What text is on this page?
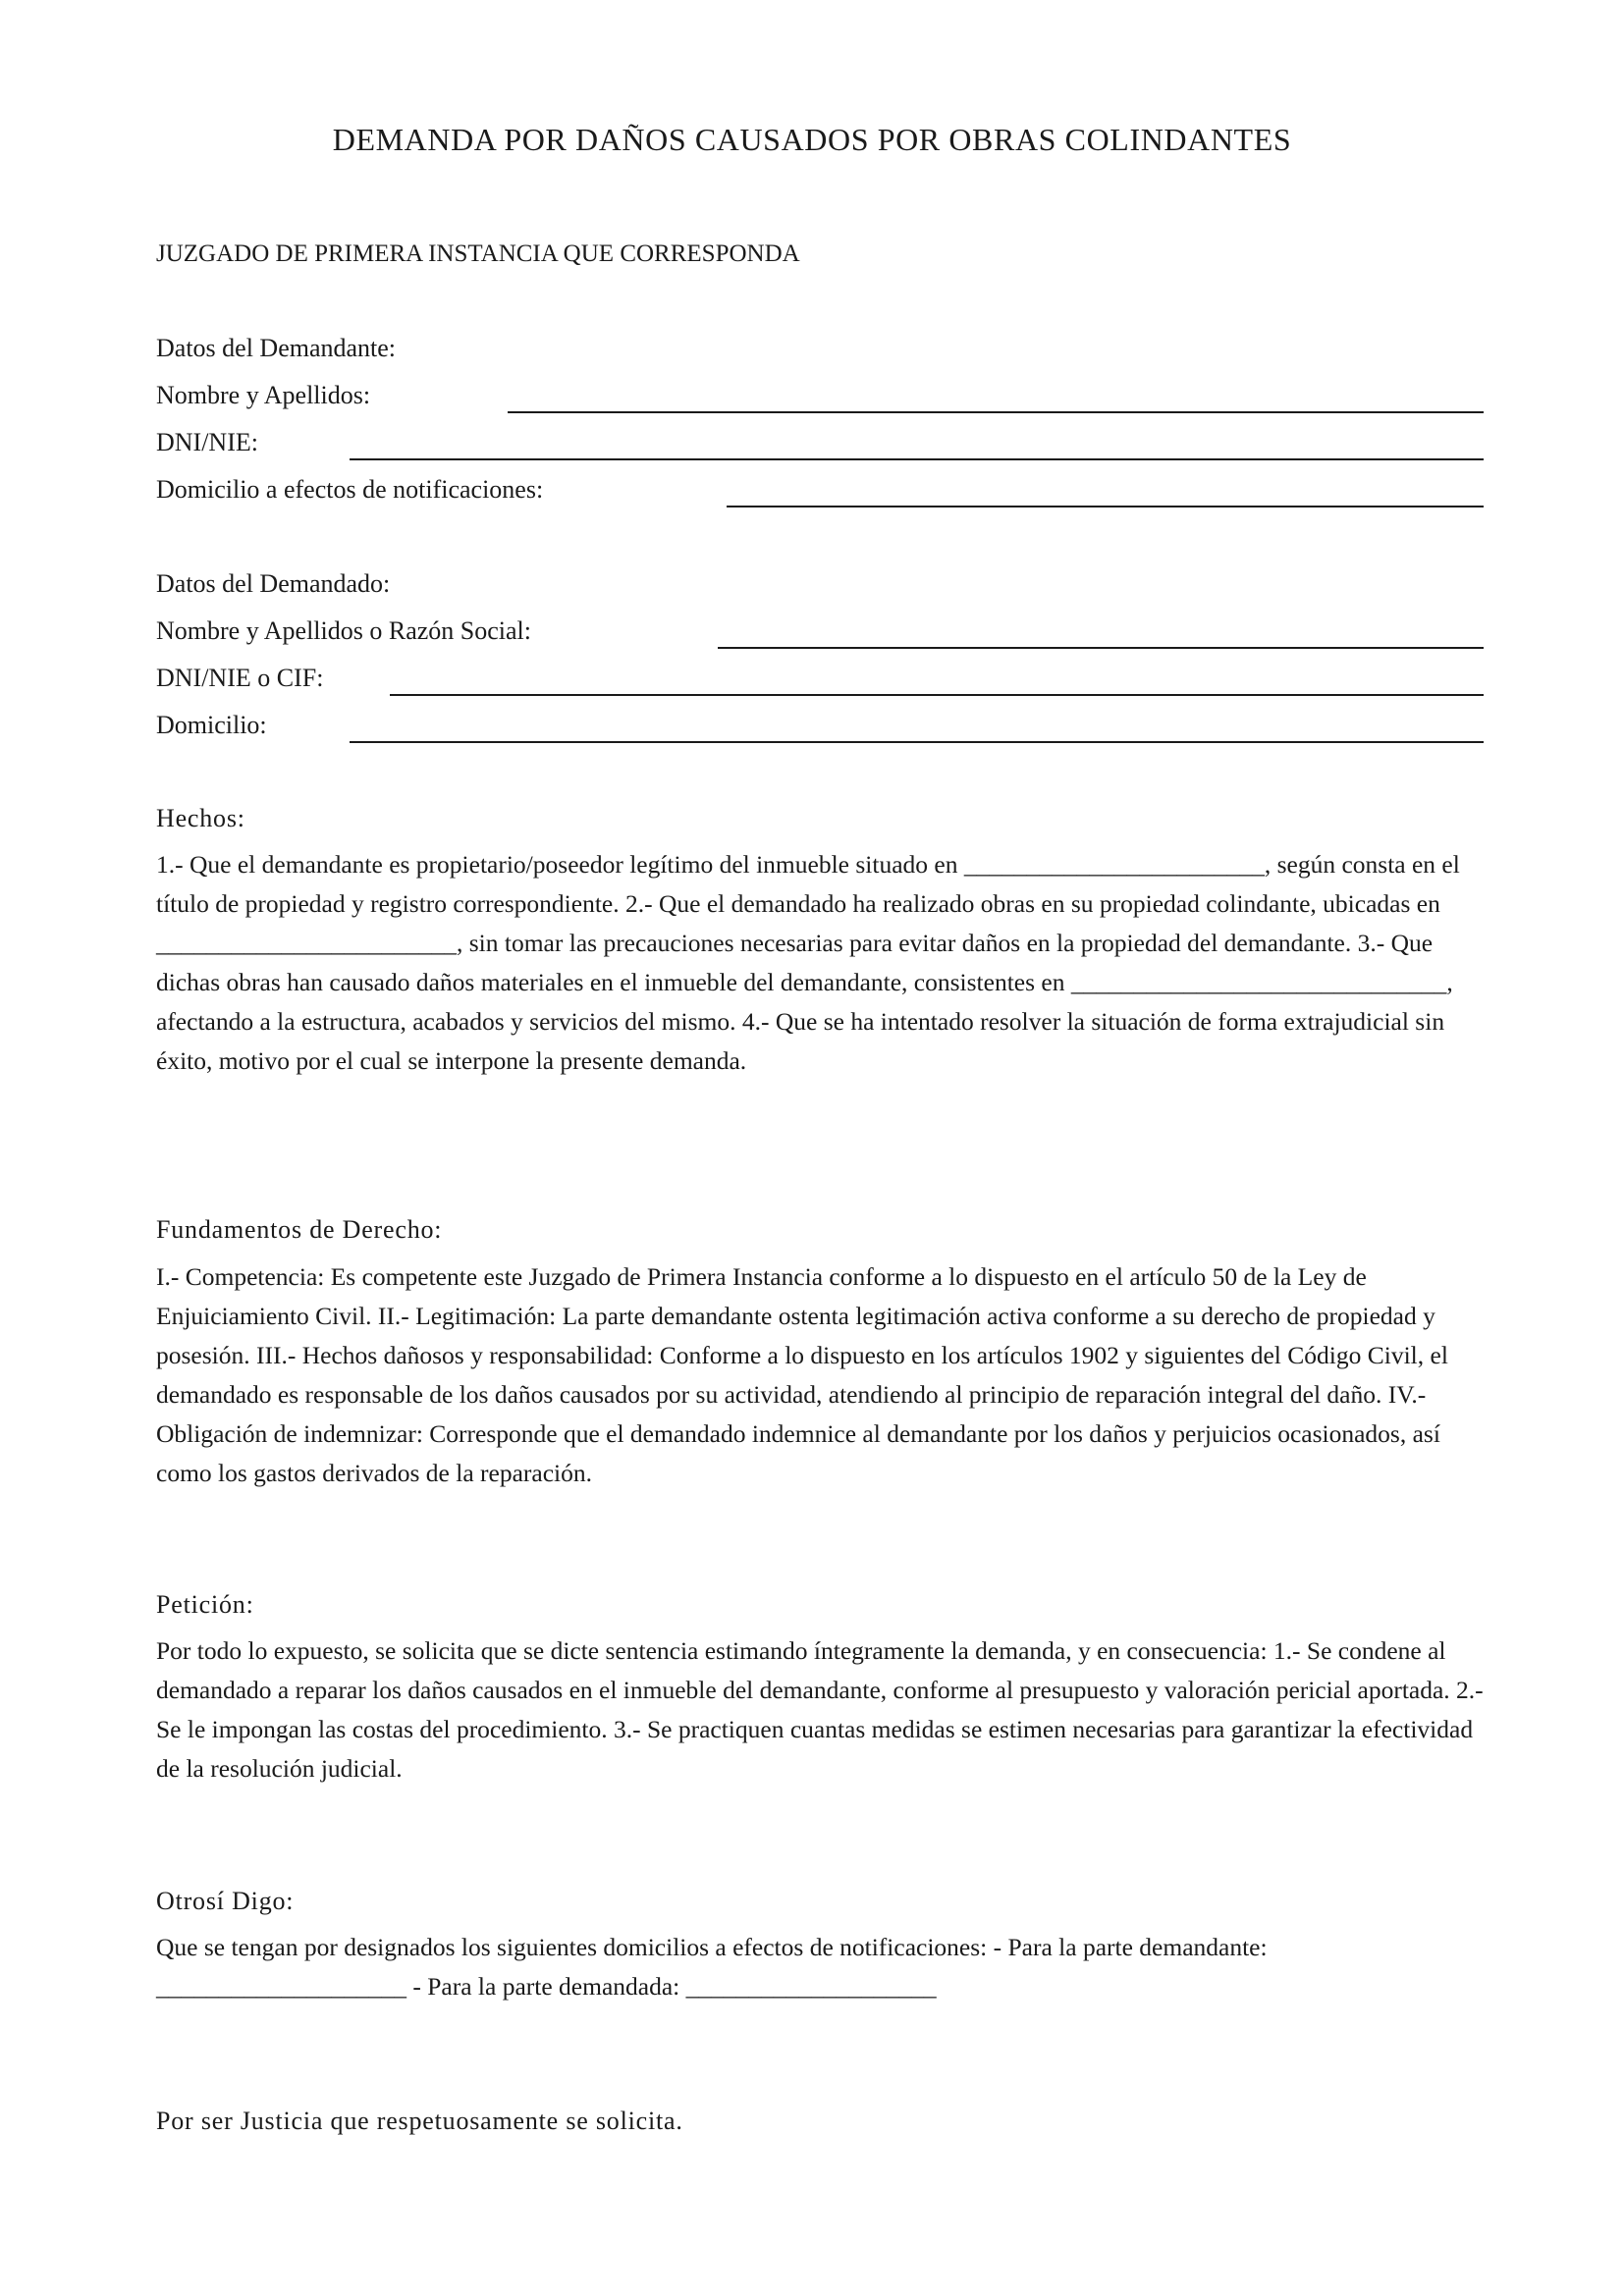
DEMANDA POR DAÑOS CAUSADOS POR OBRAS COLINDANTES
JUZGADO DE PRIMERA INSTANCIA QUE CORRESPONDA
Datos del Demandante:
Nombre y Apellidos:
DNI/NIE:
Domicilio a efectos de notificaciones:
Datos del Demandado:
Nombre y Apellidos o Razón Social:
DNI/NIE o CIF:
Domicilio:
Hechos:
1.- Que el demandante es propietario/poseedor legítimo del inmueble situado en ________________________, según consta en el título de propiedad y registro correspondiente. 2.- Que el demandado ha realizado obras en su propiedad colindante, ubicadas en ________________________, sin tomar las precauciones necesarias para evitar daños en la propiedad del demandante. 3.- Que dichas obras han causado daños materiales en el inmueble del demandante, consistentes en ______________________________, afectando a la estructura, acabados y servicios del mismo. 4.- Que se ha intentado resolver la situación de forma extrajudicial sin éxito, motivo por el cual se interpone la presente demanda.
Fundamentos de Derecho:
I.- Competencia: Es competente este Juzgado de Primera Instancia conforme a lo dispuesto en el artículo 50 de la Ley de Enjuiciamiento Civil. II.- Legitimación: La parte demandante ostenta legitimación activa conforme a su derecho de propiedad y posesión. III.- Hechos dañosos y responsabilidad: Conforme a lo dispuesto en los artículos 1902 y siguientes del Código Civil, el demandado es responsable de los daños causados por su actividad, atendiendo al principio de reparación integral del daño. IV.- Obligación de indemnizar: Corresponde que el demandado indemnice al demandante por los daños y perjuicios ocasionados, así como los gastos derivados de la reparación.
Petición:
Por todo lo expuesto, se solicita que se dicte sentencia estimando íntegramente la demanda, y en consecuencia: 1.- Se condene al demandado a reparar los daños causados en el inmueble del demandante, conforme al presupuesto y valoración pericial aportada. 2.- Se le impongan las costas del procedimiento. 3.- Se practiquen cuantas medidas se estimen necesarias para garantizar la efectividad de la resolución judicial.
Otrosí Digo:
Que se tengan por designados los siguientes domicilios a efectos de notificaciones: - Para la parte demandante: ____________________ - Para la parte demandada: ____________________
Por ser Justicia que respetuosamente se solicita.
